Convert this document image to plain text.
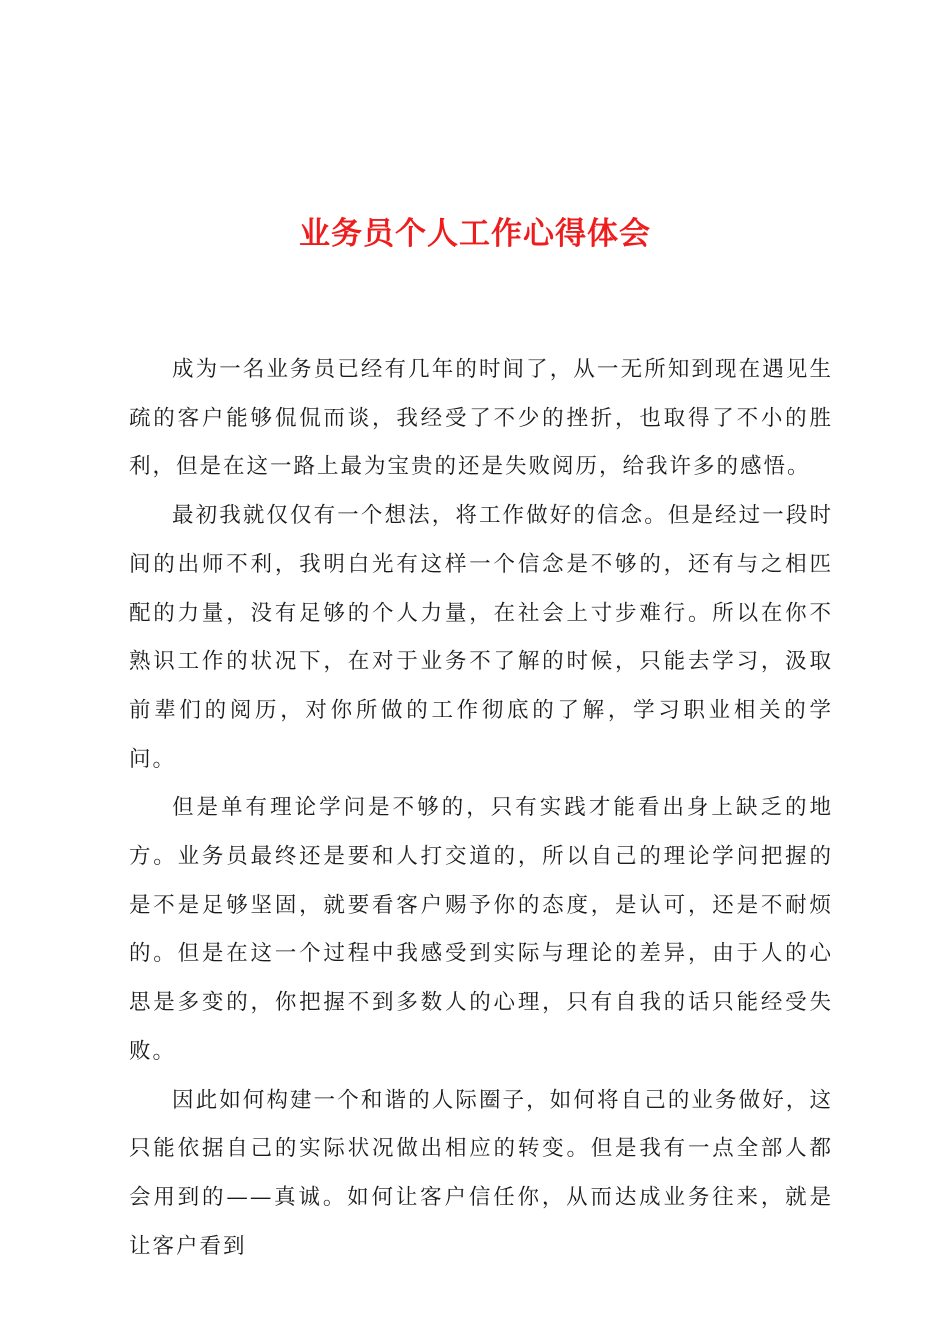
业务员个人工作心得体会

成为一名业务员已经有几年的时间了，从一无所知到现在遇见生疏的客户能够侃侃而谈，我经受了不少的挫折，也取得了不小的胜利，但是在这一路上最为宝贵的还是失败阅历，给我许多的感悟。

最初我就仅仅有一个想法，将工作做好的信念。但是经过一段时间的出师不利，我明白光有这样一个信念是不够的，还有与之相匹配的力量，没有足够的个人力量，在社会上寸步难行。所以在你不熟识工作的状况下，在对于业务不了解的时候，只能去学习，汲取前辈们的阅历，对你所做的工作彻底的了解，学习职业相关的学问。

但是单有理论学问是不够的，只有实践才能看出身上缺乏的地方。业务员最终还是要和人打交道的，所以自己的理论学问把握的是不是足够坚固，就要看客户赐予你的态度，是认可，还是不耐烦的。但是在这一个过程中我感受到实际与理论的差异，由于人的心思是多变的，你把握不到多数人的心理，只有自我的话只能经受失败。

因此如何构建一个和谐的人际圈子，如何将自己的业务做好，这只能依据自己的实际状况做出相应的转变。但是我有一点全部人都会用到的——真诚。如何让客户信任你，从而达成业务往来，就是让客户看到
